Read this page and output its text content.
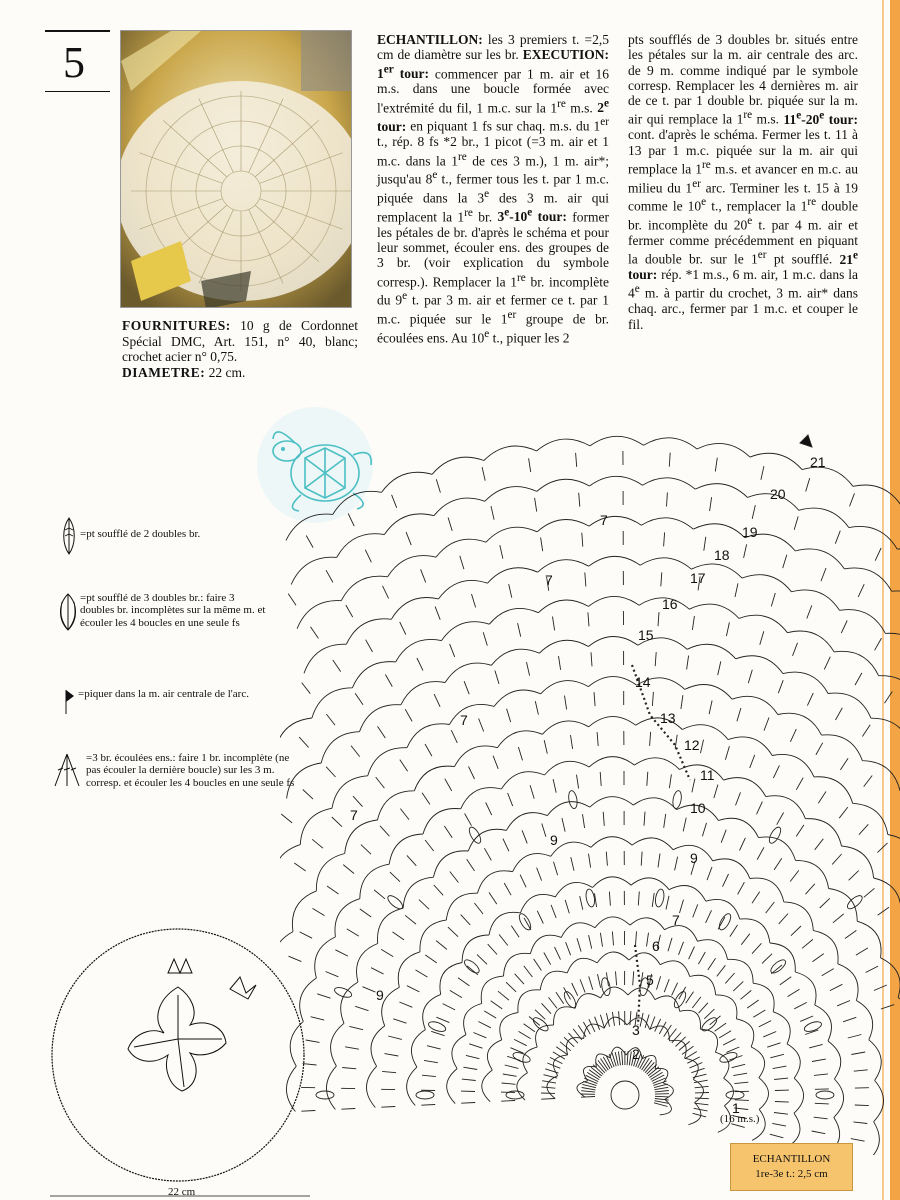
5
FOURNITURES: 10 g de Cordonnet Spécial DMC, Art. 151, n° 40, blanc; crochet acier n° 0,75.
DIAMETRE: 22 cm.
ECHANTILLON: les 3 premiers t. =2,5 cm de diamètre sur les br. EXECUTION: 1er tour: commencer par 1 m. air et 16 m.s. dans une boucle formée avec l'extrémité du fil, 1 m.c. sur la 1re m.s. 2e tour: en piquant 1 fs sur chaq. m.s. du 1er t., rép. 8 fs *2 br., 1 picot (=3 m. air et 1 m.c. dans la 1re de ces 3 m.), 1 m. air*; jusqu'au 8e t., fermer tous les t. par 1 m.c. piquée dans la 3e des 3 m. air qui remplacent la 1re br. 3e-10e tour: former les pétales de br. d'après le schéma et pour leur sommet, écouler ens. des groupes de 3 br. (voir explication du symbole corresp.). Remplacer la 1re br. incomplète du 9e t. par 3 m. air et fermer ce t. par 1 m.c. piquée sur le 1er groupe de br. écoulées ens. Au 10e t., piquer les 2
pts soufflés de 3 doubles br. situés entre les pétales sur la m. air centrale des arc. de 9 m. comme indiqué par le symbole corresp. Remplacer les 4 dernières m. air de ce t. par 1 double br. piquée sur la m. air qui remplace la 1re m.s. 11e-20e tour: cont. d'après le schéma. Fermer les t. 11 à 13 par 1 m.c. piquée sur la m. air qui remplace la 1re m.s. et avancer en m.c. au milieu du 1er arc. Terminer les t. 15 à 19 comme le 10e t., remplacer la 1re double br. incomplète du 20e t. par 4 m. air et fermer comme précédemment en piquant la double br. sur le 1er pt soufflé. 21e tour: rép. *1 m.s., 6 m. air, 1 m.c. dans la 4e m. à partir du crochet, 3 m. air* dans chaq. arc., fermer par 1 m.c. et couper le fil.
=pt soufflé de 2 doubles br.
=pt soufflé de 3 doubles br.: faire 3 doubles br. incomplètes sur la même m. et écouler les 4 boucles en une seule fs
=piquer dans la m. air centrale de l'arc.
=3 br. écoulées ens.: faire 1 br. incomplète (ne pas écouler la dernière boucle) sur les 3 m. corresp. et écouler les 4 boucles en une seule fs
21
20
19
18
17
16
15
14
13
12
11
10
9
7
6
5
3
2
1
9
9
7
7
7
7
(16 m.s.)
22 cm
ECHANTILLON
1re-3e t.: 2,5 cm
